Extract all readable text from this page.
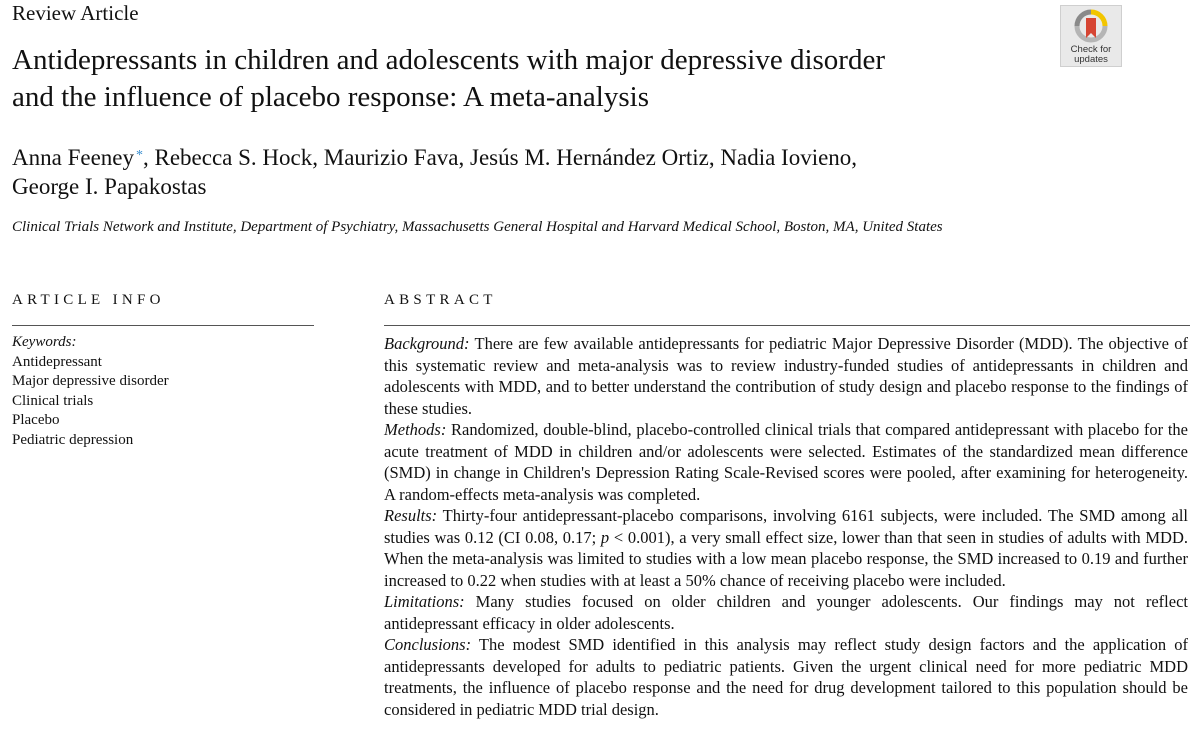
Review Article
Check for
updates
Antidepressants in children and adolescents with major depressive disorder
and the influence of placebo response: A meta-analysis
Anna Feeney *, Rebecca S. Hock, Maurizio Fava, Jesús M. Hernández Ortiz, Nadia Iovieno,
George I. Papakostas
Clinical Trials Network and Institute, Department of Psychiatry, Massachusetts General Hospital and Harvard Medical School, Boston, MA, United States
ARTICLE INFO	ABSTRACT
Keywords:
Antidepressant
Major depressive disorder
Clinical trials
Placebo
Pediatric depression

Background: There are few available antidepressants for pediatric Major Depressive Disorder (MDD). The objective of this systematic review and meta-analysis was to review industry-funded studies of antidepressants in children and adolescents with MDD, and to better understand the contribution of study design and placebo response to the findings of these studies.

Methods: Randomized, double-blind, placebo-controlled clinical trials that compared antidepressant with placebo for the acute treatment of MDD in children and/or adolescents were selected. Estimates of the standardized mean difference (SMD) in change in Children's Depression Rating Scale-Revised scores were pooled, after examining for heterogeneity. A random-effects meta-analysis was completed.

Results: Thirty-four antidepressant-placebo comparisons, involving 6161 subjects, were included. The SMD among all studies was 0.12 (CI 0.08, 0.17; p < 0.001), a very small effect size, lower than that seen in studies of adults with MDD. When the meta-analysis was limited to studies with a low mean placebo response, the SMD increased to 0.19 and further increased to 0.22 when studies with at least a 50% chance of receiving placebo were included.

Limitations: Many studies focused on older children and younger adolescents. Our findings may not reflect antidepressant efficacy in older adolescents.

Conclusions: The modest SMD identified in this analysis may reflect study design factors and the application of antidepressants developed for adults to pediatric patients. Given the urgent clinical need for more pediatric MDD treatments, the influence of placebo response and the need for drug development tailored to this population should be considered in pediatric MDD trial design.
